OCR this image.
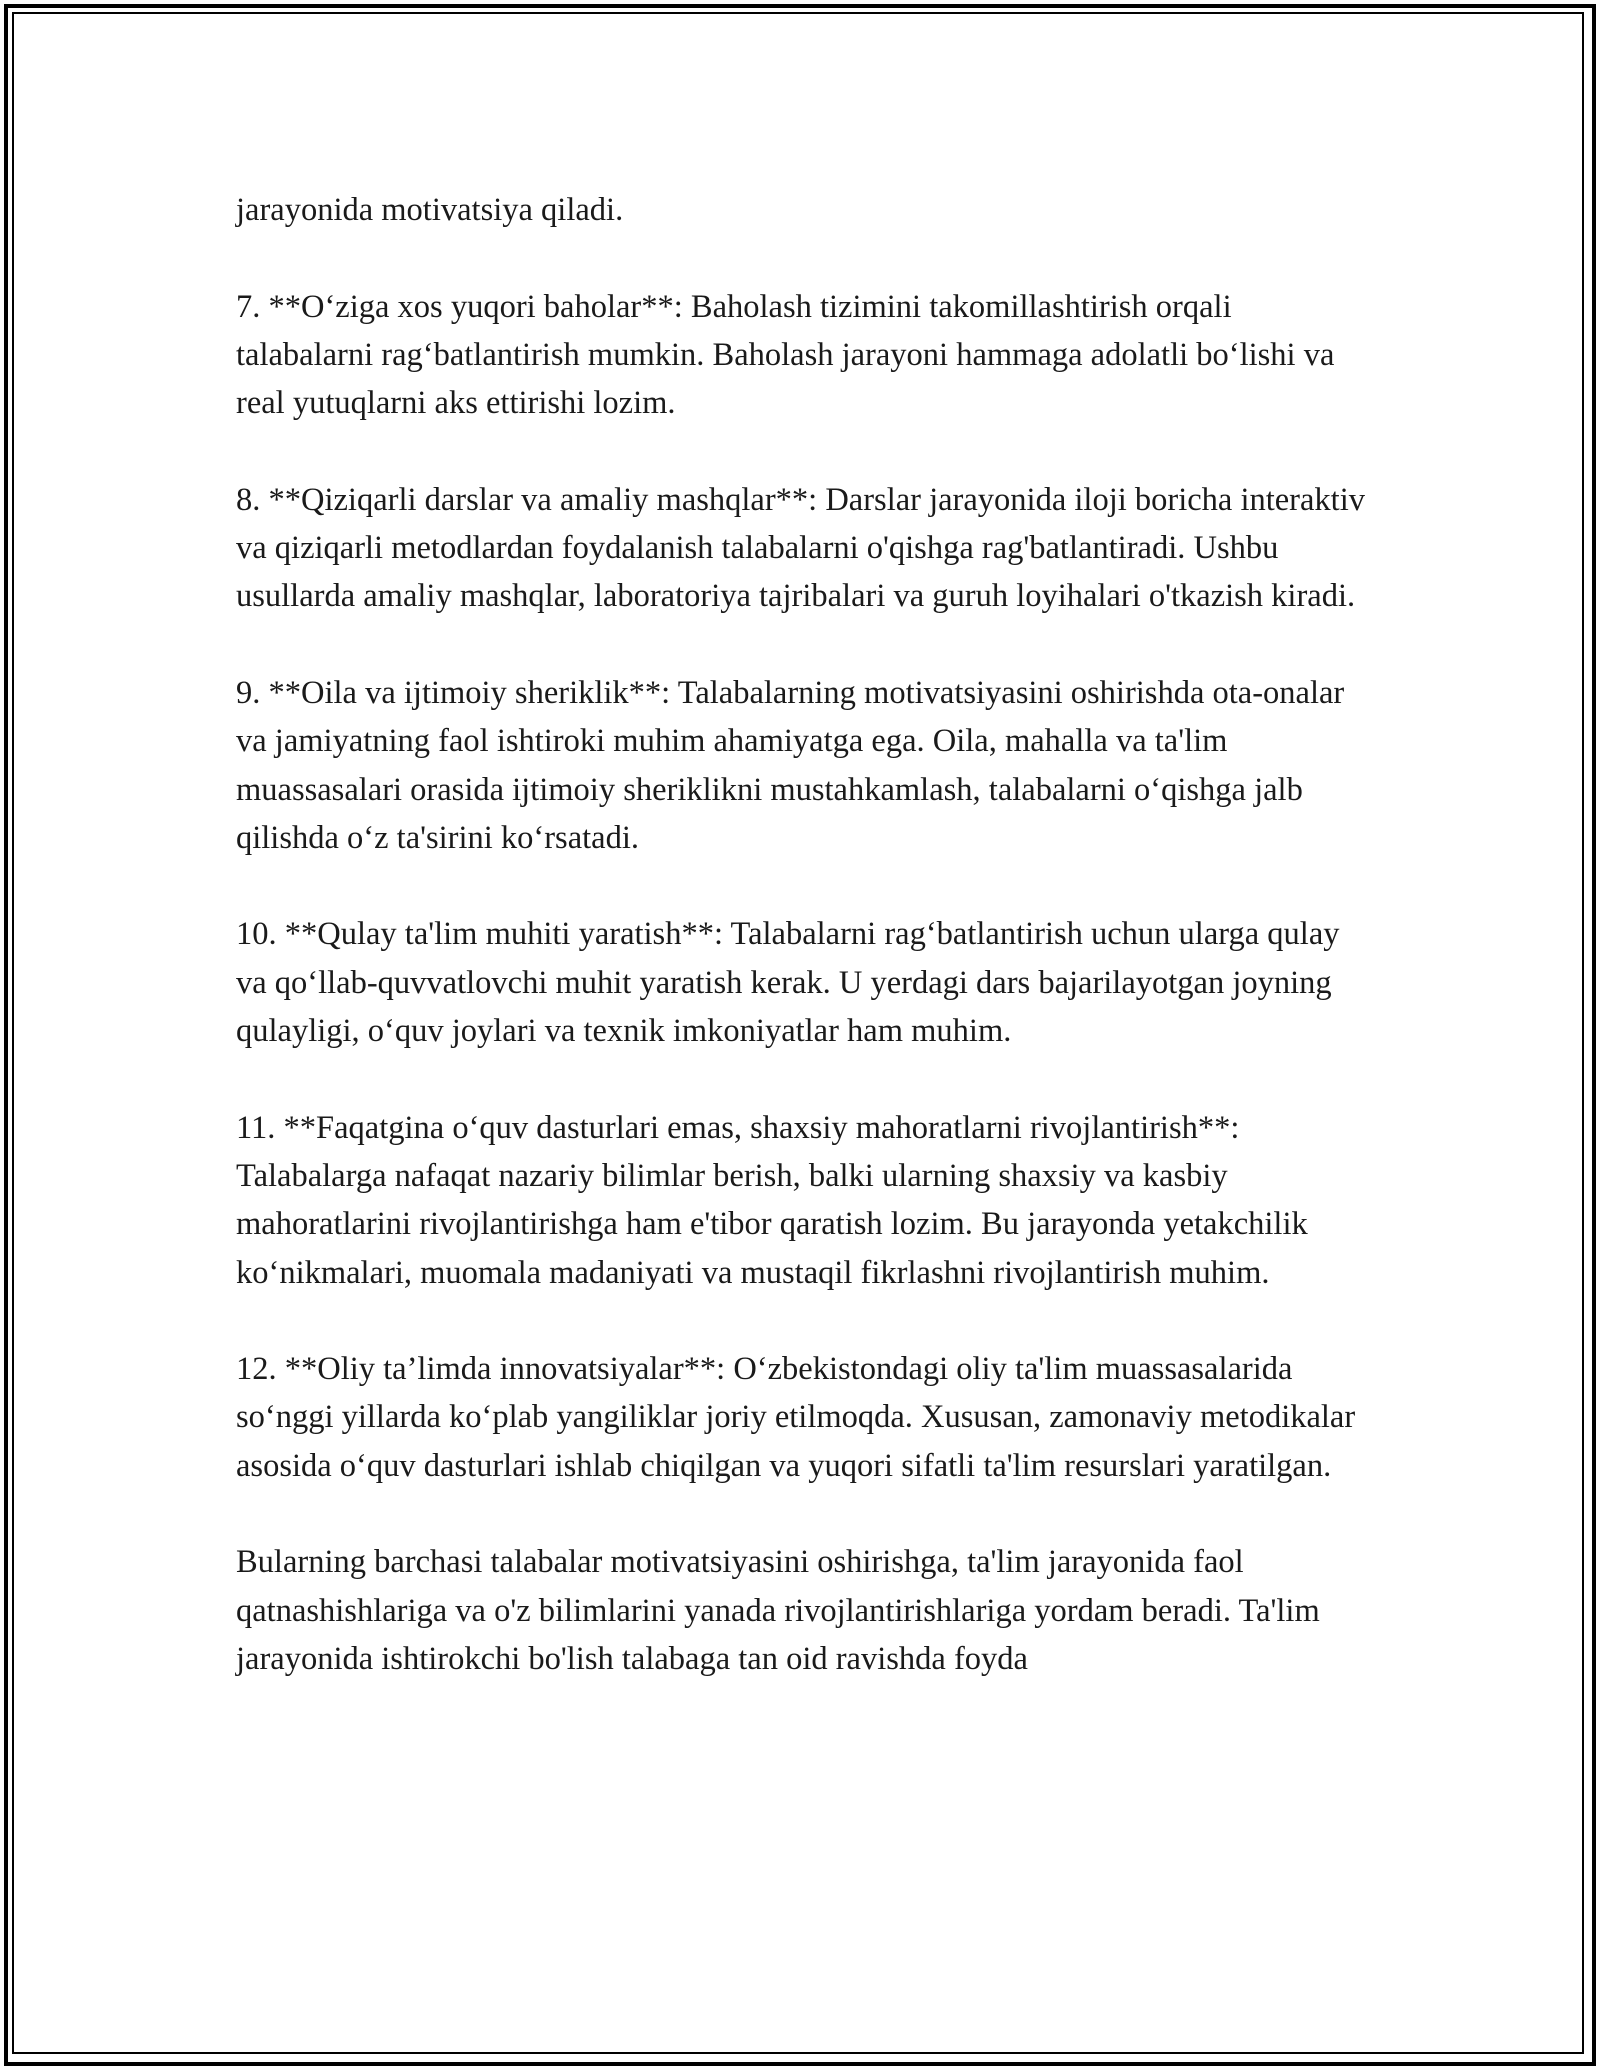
jarayonida motivatsiya qiladi.

7. **O‘ziga xos yuqori baholar**: Baholash tizimini takomillashtirish orqali talabalarni rag‘batlantirish mumkin. Baholash jarayoni hammaga adolatli bo‘lishi va real yutuqlarni aks ettirishi lozim.

8. **Qiziqarli darslar va amaliy mashqlar**: Darslar jarayonida iloji boricha interaktiv va qiziqarli metodlardan foydalanish talabalarni o'qishga rag'batlantiradi. Ushbu usullarda amaliy mashqlar, laboratoriya tajribalari va guruh loyihalari o'tkazish kiradi.

9. **Oila va ijtimoiy sheriklik**: Talabalarning motivatsiyasini oshirishda ota-onalar va jamiyatning faol ishtiroki muhim ahamiyatga ega. Oila, mahalla va ta'lim muassasalari orasida ijtimoiy sheriklikni mustahkamlash, talabalarni o‘qishga jalb qilishda o‘z ta'sirini ko‘rsatadi.

10. **Qulay ta'lim muhiti yaratish**: Talabalarni rag‘batlantirish uchun ularga qulay va qo‘llab-quvvatlovchi muhit yaratish kerak. U yerdagi dars bajarilayotgan joyning qulayligi, o‘quv joylari va texnik imkoniyatlar ham muhim.

11. **Faqatgina o‘quv dasturlari emas, shaxsiy mahoratlarni rivojlantirish**: Talabalarga nafaqat nazariy bilimlar berish, balki ularning shaxsiy va kasbiy mahoratlarini rivojlantirishga ham e'tibor qaratish lozim. Bu jarayonda yetakchilik ko‘nikmalari, muomala madaniyati va mustaqil fikrlashni rivojlantirish muhim.

12. **Oliy ta’limda innovatsiyalar**: O‘zbekistondagi oliy ta'lim muassasalarida so‘nggi yillarda ko‘plab yangiliklar joriy etilmoqda. Xususan, zamonaviy metodikalar asosida o‘quv dasturlari ishlab chiqilgan va yuqori sifatli ta'lim resurslari yaratilgan.

Bularning barchasi talabalar motivatsiyasini oshirishga, ta'lim jarayonida faol qatnashishlariga va o'z bilimlarini yanada rivojlantirishlariga yordam beradi. Ta'lim jarayonida ishtirokchi bo'lish talabaga tan oid ravishda foyda
